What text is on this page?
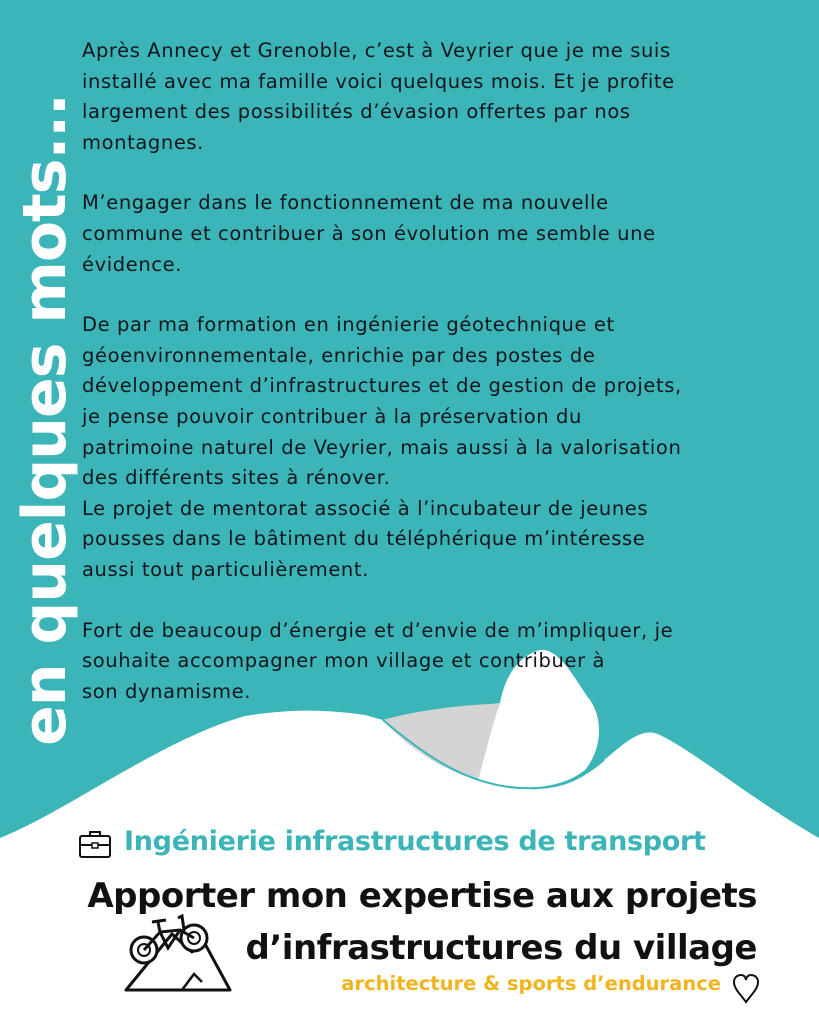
en quelques mots...

Après Annecy et Grenoble, c’est à Veyrier que je me suis
installé avec ma famille voici quelques mois. Et je profite
largement des possibilités d’évasion offertes par nos
montagnes.

M’engager dans le fonctionnement de ma nouvelle
commune et contribuer à son évolution me semble une
évidence.

De par ma formation en ingénierie géotechnique et
géoenvironnementale, enrichie par des postes de
développement d’infrastructures et de gestion de projets,
je pense pouvoir contribuer à la préservation du
patrimoine naturel de Veyrier, mais aussi à la valorisation
des différents sites à rénover.

Le projet de mentorat associé à l’incubateur de jeunes
pousses dans le bâtiment du téléphérique m’intéresse
aussi tout particulièrement.

Fort de beaucoup d’énergie et d’envie de m’impliquer, je
souhaite accompagner mon village et contribuer à
son dynamisme.

Ingénierie infrastructures de transport
Apporter mon expertise aux projets
d’infrastructures du village
architecture & sports d’endurance
